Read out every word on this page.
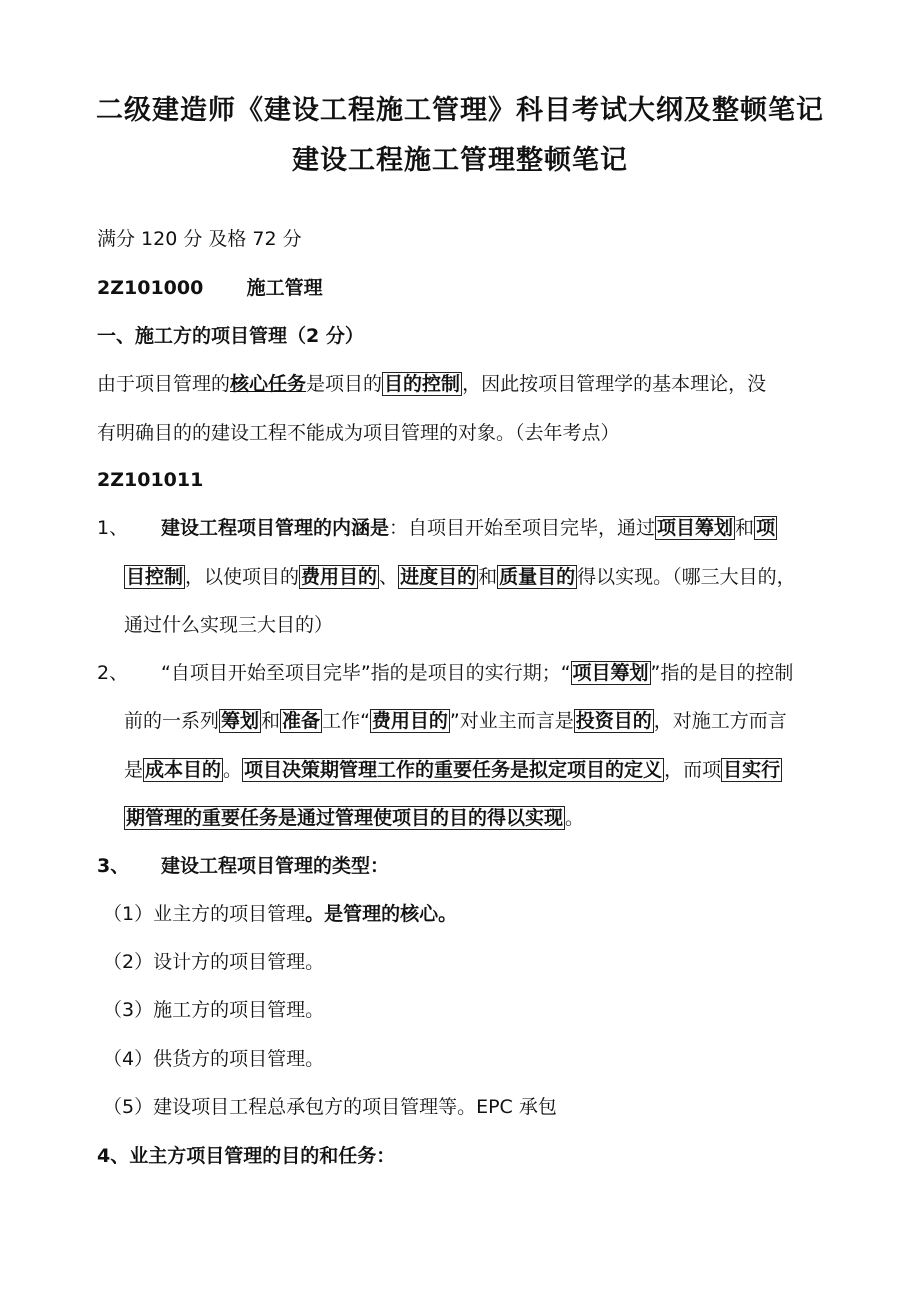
二级建造师《建设工程施工管理》科目考试大纲及整顿笔记
建设工程施工管理整顿笔记
满分 120 分 及格 72 分
2Z101000 施工管理
一、施工方的项目管理（2 分）
由于项目管理的核心任务是项目的 目的控制 ，因此按项目管理学的基本理论，没
有明确目的的建设工程不能成为项目管理的对象。（去年考点）
2Z101011
1、 建设工程项目管理的内涵是：自项目开始至项目完毕，通过 项目筹划 和 项
目控制 ，以使项目的 费用目的 、 进度目的 和 质量目的 得以实现。（哪三大目的，
通过什么实现三大目的）
2、 “自项目开始至项目完毕”指的是项目的实行期；“ 项目筹划 ”指的是目的控制
前的一系列 筹划 和 准备 工作“ 费用目的 ”对业主而言是 投资目的 ，对施工方而言
是 成本目的 。 项目决策期管理工作的重要任务是拟定项目的定义 ，而项 目实行
期管理的重要任务是通过管理使项目的目的得以实现 。
3、 建设工程项目管理的类型：
（1）业主方的项目管理。是管理的核心。
（2）设计方的项目管理。
（3）施工方的项目管理。
（4）供货方的项目管理。
（5）建设项目工程总承包方的项目管理等。EPC 承包
4、业主方项目管理的目的和任务：
